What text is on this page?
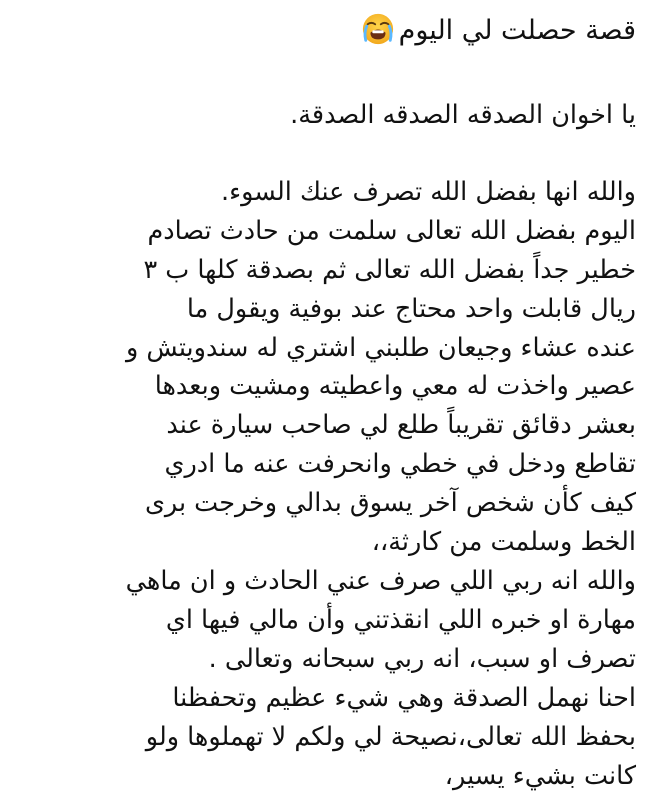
قصة حصلت لي اليوم

يا اخوان الصدقه الصدقه الصدقة.

والله انها بفضل الله تصرف عنك السوء.
اليوم بفضل الله تعالى سلمت من حادث تصادم
خطير جداً بفضل الله تعالى ثم بصدقة كلها ب ٣
ريال قابلت واحد محتاج عند بوفية ويقول ما
عنده عشاء وجيعان طلبني اشتري له سندويتش و
عصير واخذت له معي واعطيته ومشيت وبعدها
بعشر دقائق تقريباً طلع لي صاحب سيارة عند
تقاطع ودخل في خطي وانحرفت عنه ما ادري
كيف كأن شخص آخر يسوق بدالي وخرجت برى
الخط وسلمت من كارثة،،
والله انه ربي اللي صرف عني الحادث و ان ماهي
مهارة او خبره اللي انقذتني وأن مالي فيها اي
تصرف او سبب، انه ربي سبحانه وتعالى .
احنا نهمل الصدقة وهي شيء عظيم وتحفظنا
بحفظ الله تعالى،نصيحة لي ولكم لا تهملوها ولو
كانت بشيء يسير،
